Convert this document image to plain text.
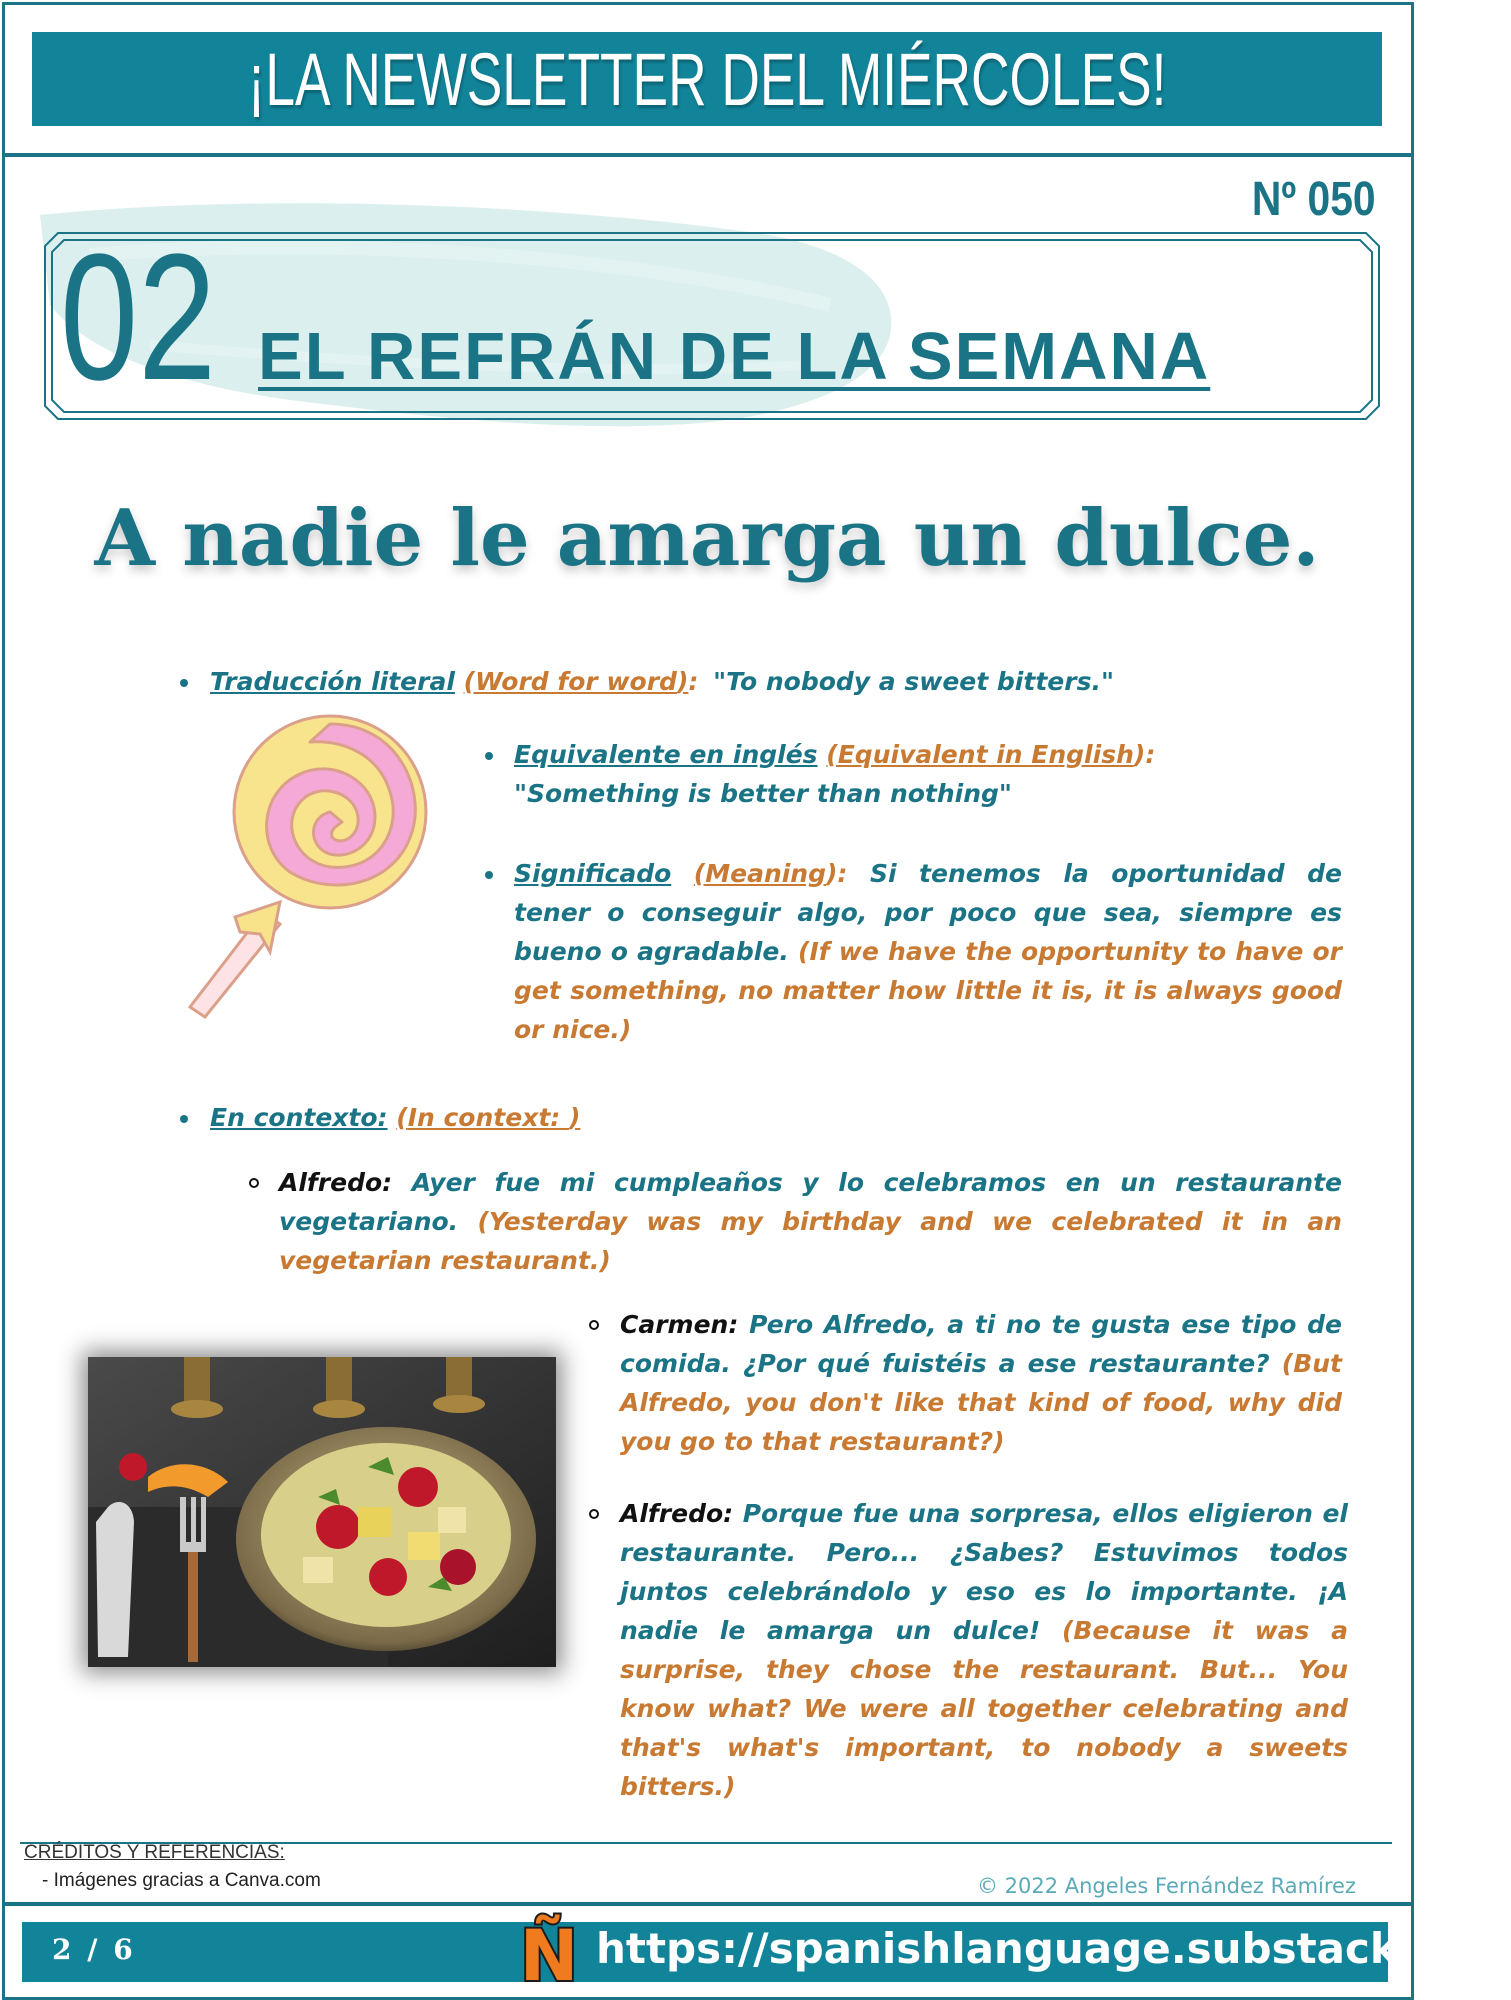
¡LA NEWSLETTER DEL MIÉRCOLES!
Nº 050
02 EL REFRÁN DE LA SEMANA
A nadie le amarga un dulce.
Traducción literal (Word for word): "To nobody a sweet bitters."
Equivalente en inglés (Equivalent in English):
"Something is better than nothing"
Significado (Meaning): Si tenemos la oportunidad de tener o conseguir algo, por poco que sea, siempre es bueno o agradable. (If we have the opportunity to have or get something, no matter how little it is, it is always good or nice.)
En contexto: (In context: )
Alfredo: Ayer fue mi cumpleaños y lo celebramos en un restaurante vegetariano. (Yesterday was my birthday and we celebrated it in an vegetarian restaurant.)
Carmen: Pero Alfredo, a ti no te gusta ese tipo de comida. ¿Por qué fuistéis a ese restaurante? (But Alfredo, you don't like that kind of food, why did you go to that restaurant?)
Alfredo: Porque fue una sorpresa, ellos eligieron el restaurante. Pero... ¿Sabes? Estuvimos todos juntos celebrándolo y eso es lo importante. ¡A nadie le amarga un dulce! (Because it was a surprise, they chose the restaurant. But... You know what? We were all together celebrating and that's what's important, to nobody a sweets bitters.)
CRÉDITOS Y REFERENCIAS:
- Imágenes gracias a Canva.com	© 2022 Angeles Fernández Ramírez
2 / 6	Ñ https://spanishlanguage.substack.com
